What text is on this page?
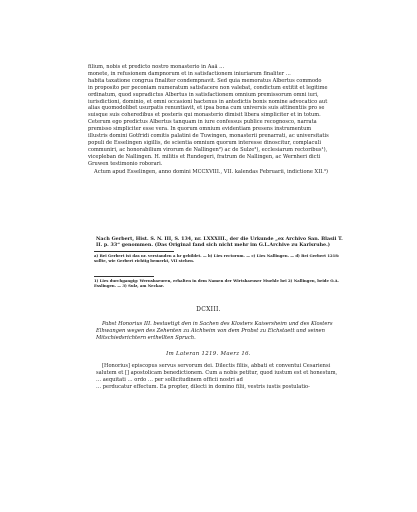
filium, nobis et predicto nostro monasterio in Äaä …
monete, in refusionem dampnorum et in satisfactionem iniuriarum finaliter …
habita taxatione congrua finaliter condempnavit. Sed quia memoratus Albertus commodo
in proposito per peconiam numeratum satisfacere non valebat, condictum extitit et legitime
ordinatum, quod supradictus Albertus in satisfactionem omnium premissorum omni iuri,
iurisdictioni, dominio, et omni occasioni hactenus in antedictis bonis nomine advocatico aut
alias quomodolibet usurpatis renuntiavit, et ipsa bona cum universis suis attinentiis pro se
suisque suis coheredibus et posteris qui monasterio dimisit libera simpliciter et in totum.
Ceterum ego predictus Albertus tanquam in iure confessus publice recognosco, narrata
premisso simpliciter esse vera. In quorum omnium evidentiam presens instrumentum
illustris domini Gotfridi comitis palatini de Tuwingen, monasterii prenarrati, ac universitatis
populi de Esselingen sigillis, de scientia omnium quorum interesse dinoscitur, complaculi
communiri, ac honorabilium virorum de Nallingen²) ac de Sulze³), ecclesiarum rectoribus¹),
vicepleban de Nallingen. H. militis et Rundegeri, fratrum de Nallingen, ac Wernheri dicti
Gruwen testimonio roborari.
Actum apud Esselingen, anno domini MCCXVIII., VII. kalendas Februarii, indictione XII.³)
Nach Gerbert, Hist. S. N. III, S. 134, nr. LXXXIII., der die Urkunde „ex Archivo San. Blasii T. II. p. 33“ genommen. (Das Original fand sich nicht mehr im G.L.Archive zu Karlsruhe.)
a) Bei Gerbert ist das nr. verstanden a hr gebildet. — b) Lies rectorum. — c) Lies Nallingen. — d) Bei Gerbert 1218: sollte, wie Gerbert richtig bemerkt, VII stehen.
1) Lies durchgangig: Wernsbaeuren, erhalten in dem Namen der Wirtshaeuser Muehle bei 2) Nallingen, beide O.A. Esslingen. — 3) Sulz, am Neckar.
DCXIII.
Pabst Honorius III. bestaetigt den in Sachen des Klosters Kaisersheim und des Klosters Elhwangen wegen des Zehenten zu Aichheim von dem Probst zu Eichstaett und seinen Mitschiedsrichtern erthellten Spruch.
Im Lateran 1219. Maerz 16.
[Honorius] episcopus servus servorum dei. Dilectis filiis, abbati et conventui Cesariensi
salutem et [] apostolicam benedictionem. Cum a nobis petitur, quod iustum est et honestum,
… aequitati … ordo … per sollicitudinem officii nostri ad
… perducatur effectum. Ea propter, dilecti in domino filii, vestris iustis postulatio-
